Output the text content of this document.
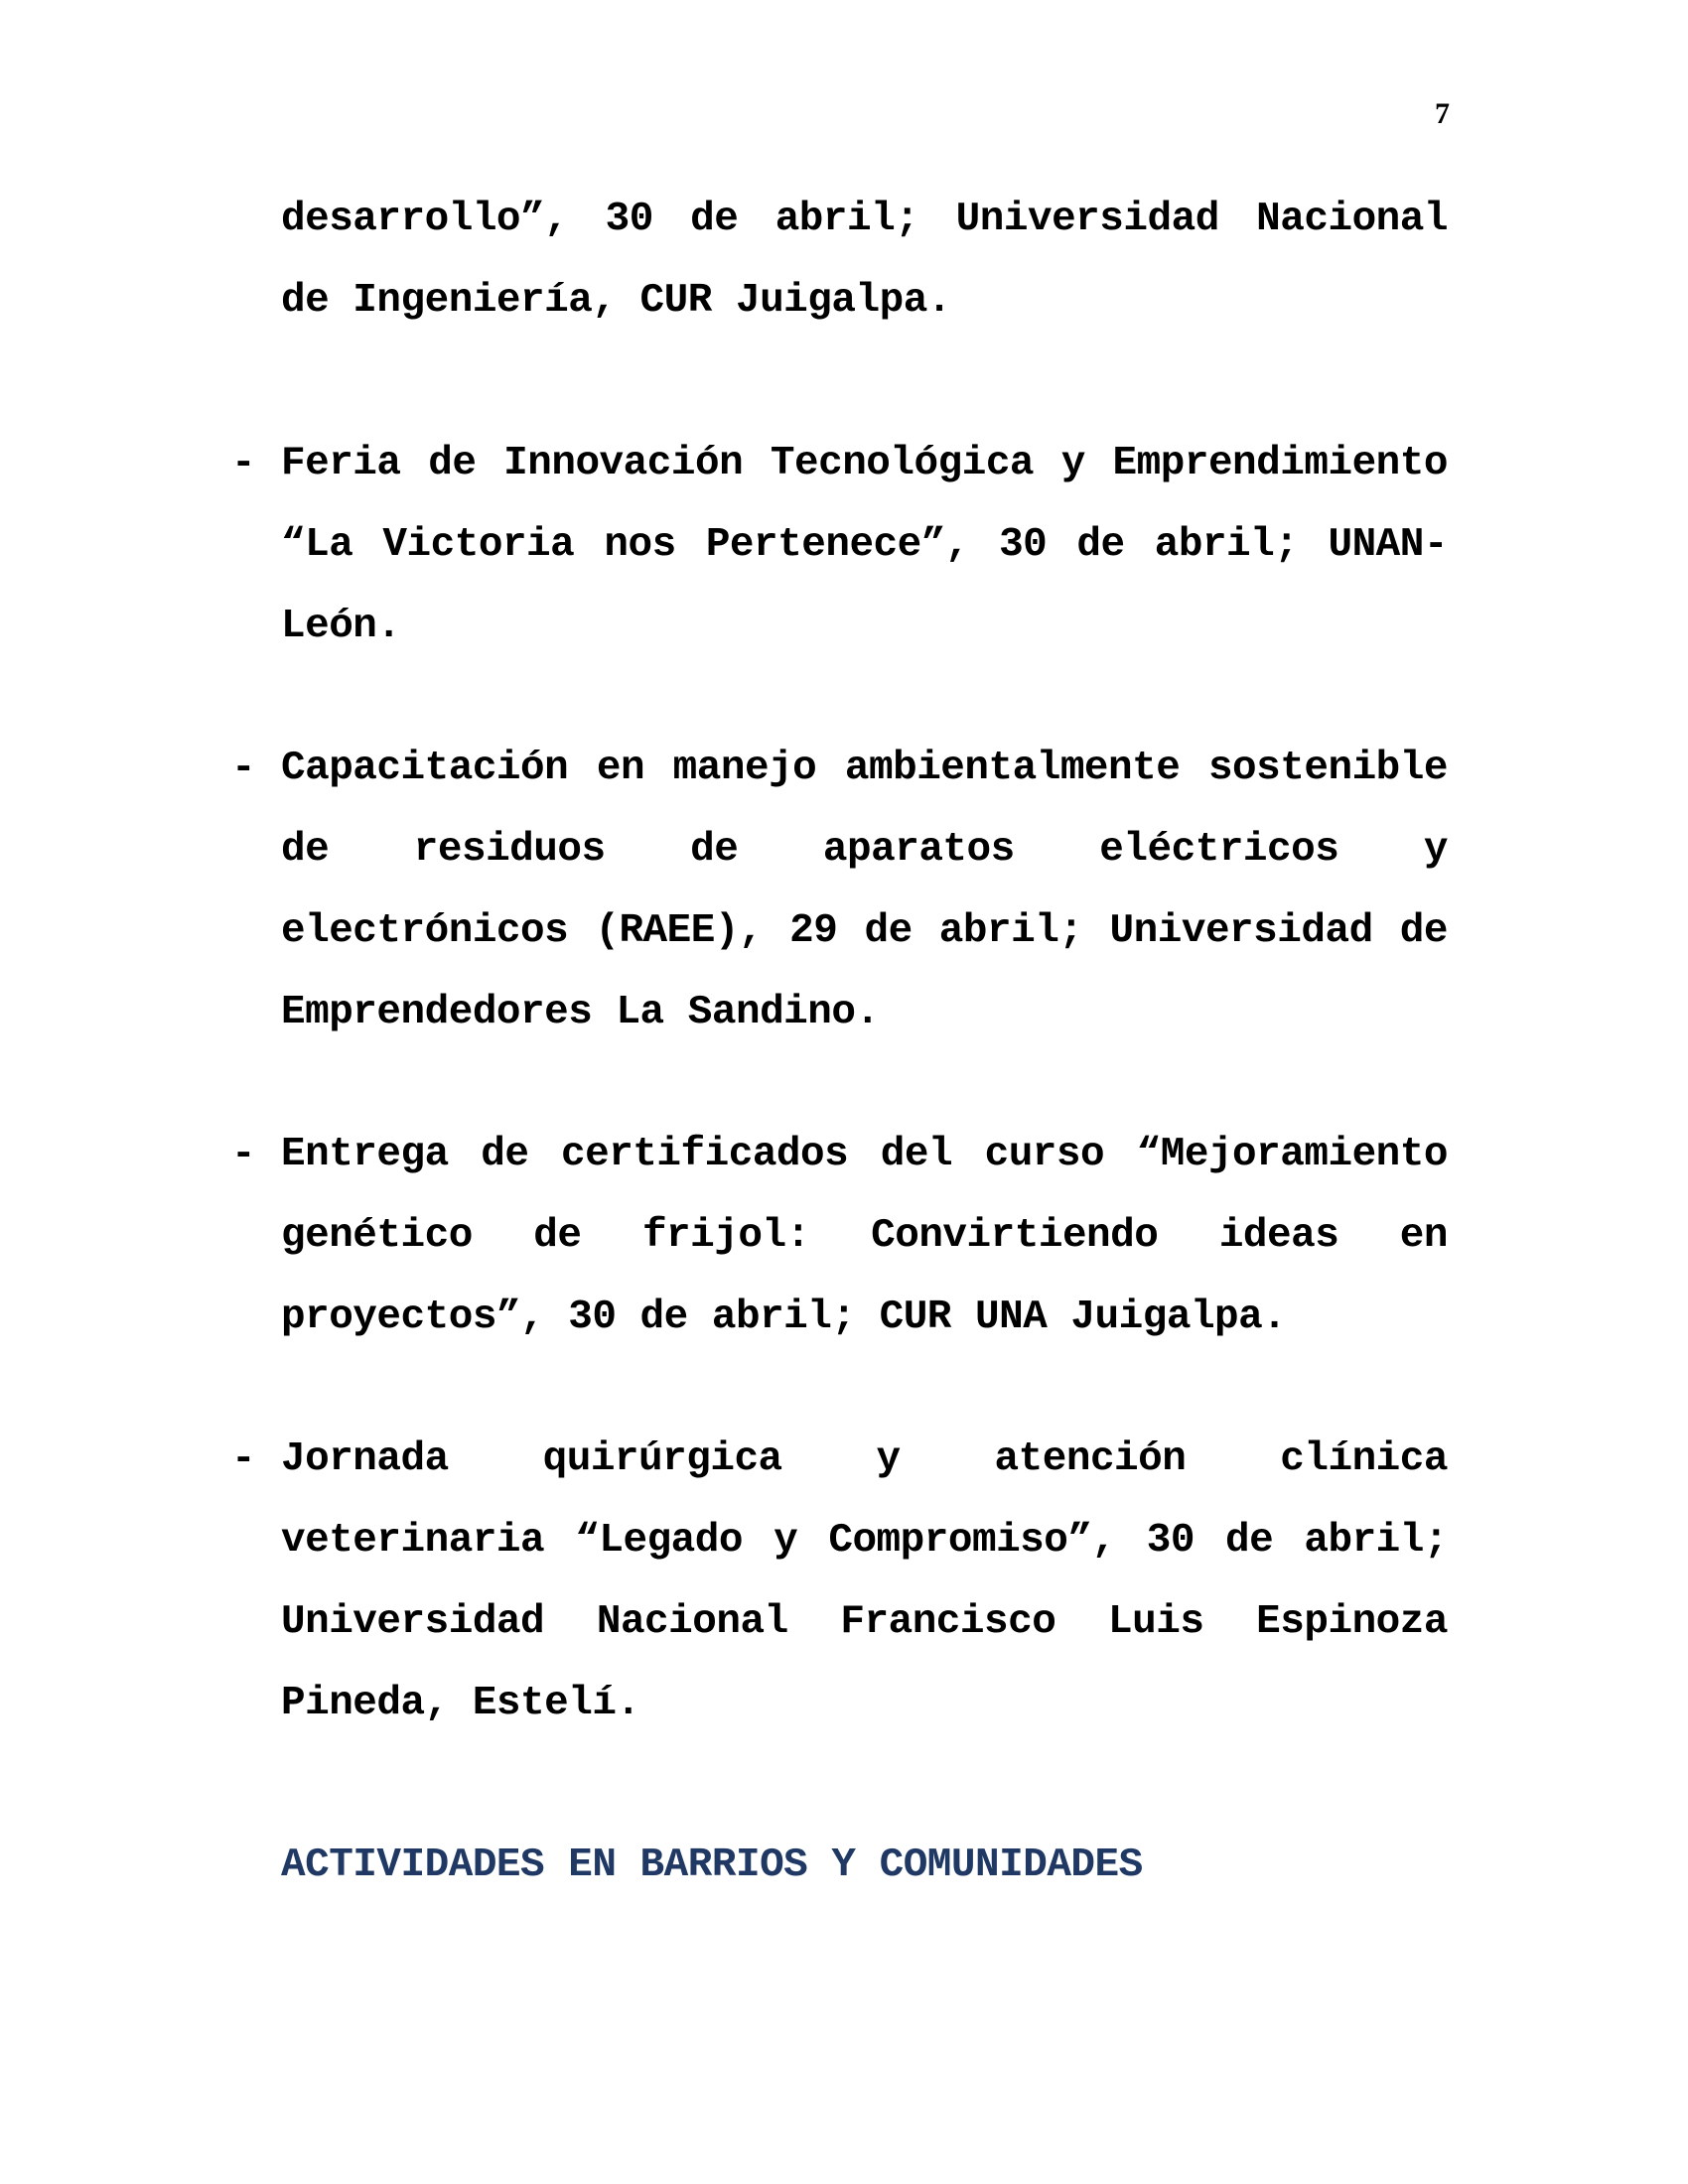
7
desarrollo”, 30 de abril; Universidad Nacional de Ingeniería, CUR Juigalpa.
- Feria de Innovación Tecnológica y Emprendimiento “La Victoria nos Pertenece”, 30 de abril; UNAN-León.
- Capacitación en manejo ambientalmente sostenible de residuos de aparatos eléctricos y electrónicos (RAEE), 29 de abril; Universidad de Emprendedores La Sandino.
- Entrega de certificados del curso “Mejoramiento genético de frijol: Convirtiendo ideas en proyectos”, 30 de abril; CUR UNA Juigalpa.
- Jornada quirúrgica y atención clínica veterinaria “Legado y Compromiso”, 30 de abril; Universidad Nacional Francisco Luis Espinoza Pineda, Estelí.
ACTIVIDADES EN BARRIOS Y COMUNIDADES
